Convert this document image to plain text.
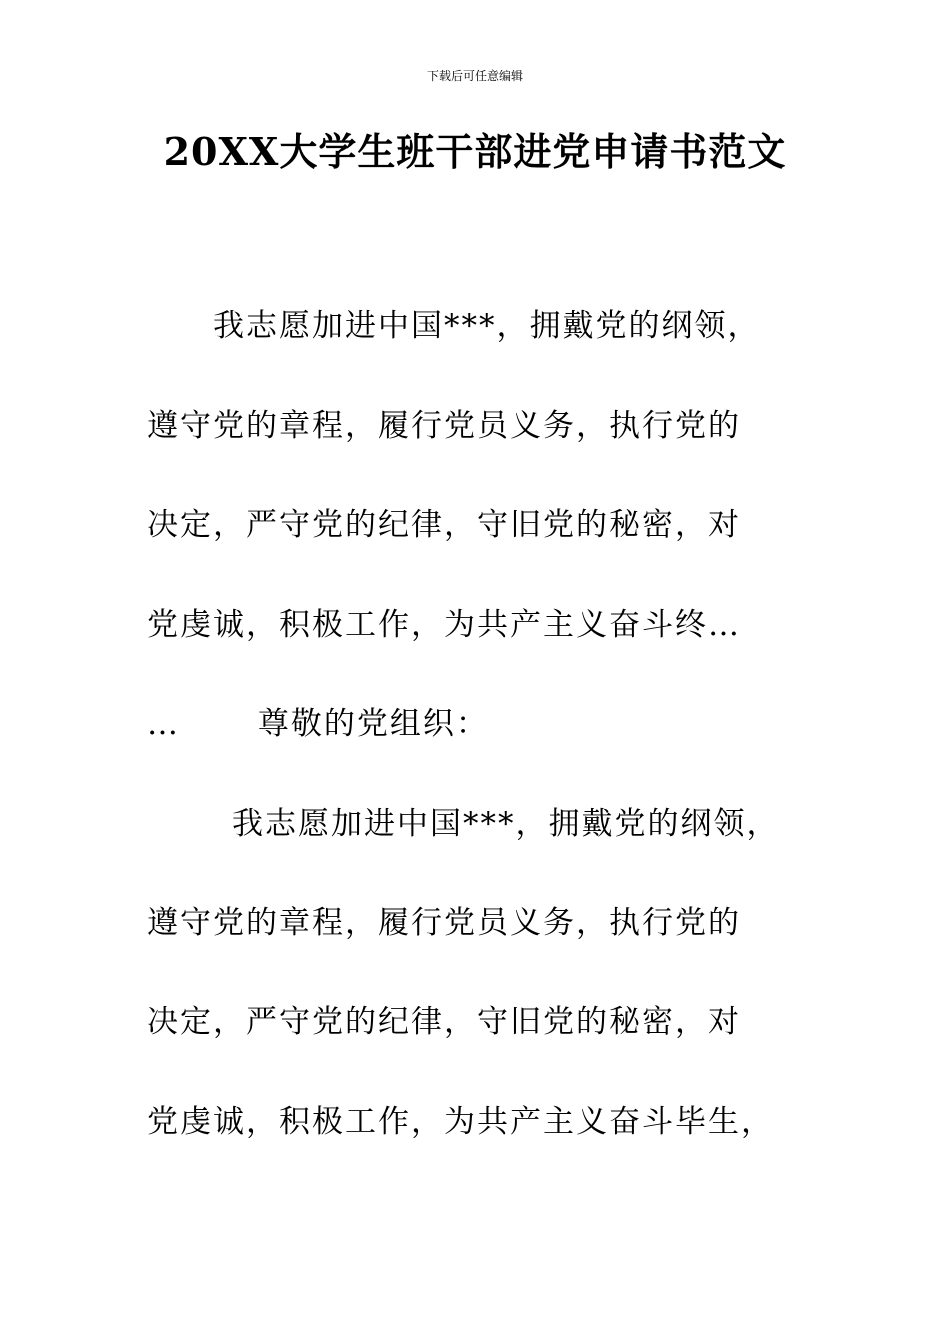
下载后可任意编辑
20XX大学生班干部进党申请书范文
我志愿加进中国***，拥戴党的纲领，
遵守党的章程，履行党员义务，执行党的
决定，严守党的纪律，守旧党的秘密，对
党虔诚，积极工作，为共产主义奋斗终…
…　　 尊敬的党组织：
我志愿加进中国***，拥戴党的纲领，
遵守党的章程，履行党员义务，执行党的
决定，严守党的纪律，守旧党的秘密，对
党虔诚，积极工作，为共产主义奋斗毕生，
